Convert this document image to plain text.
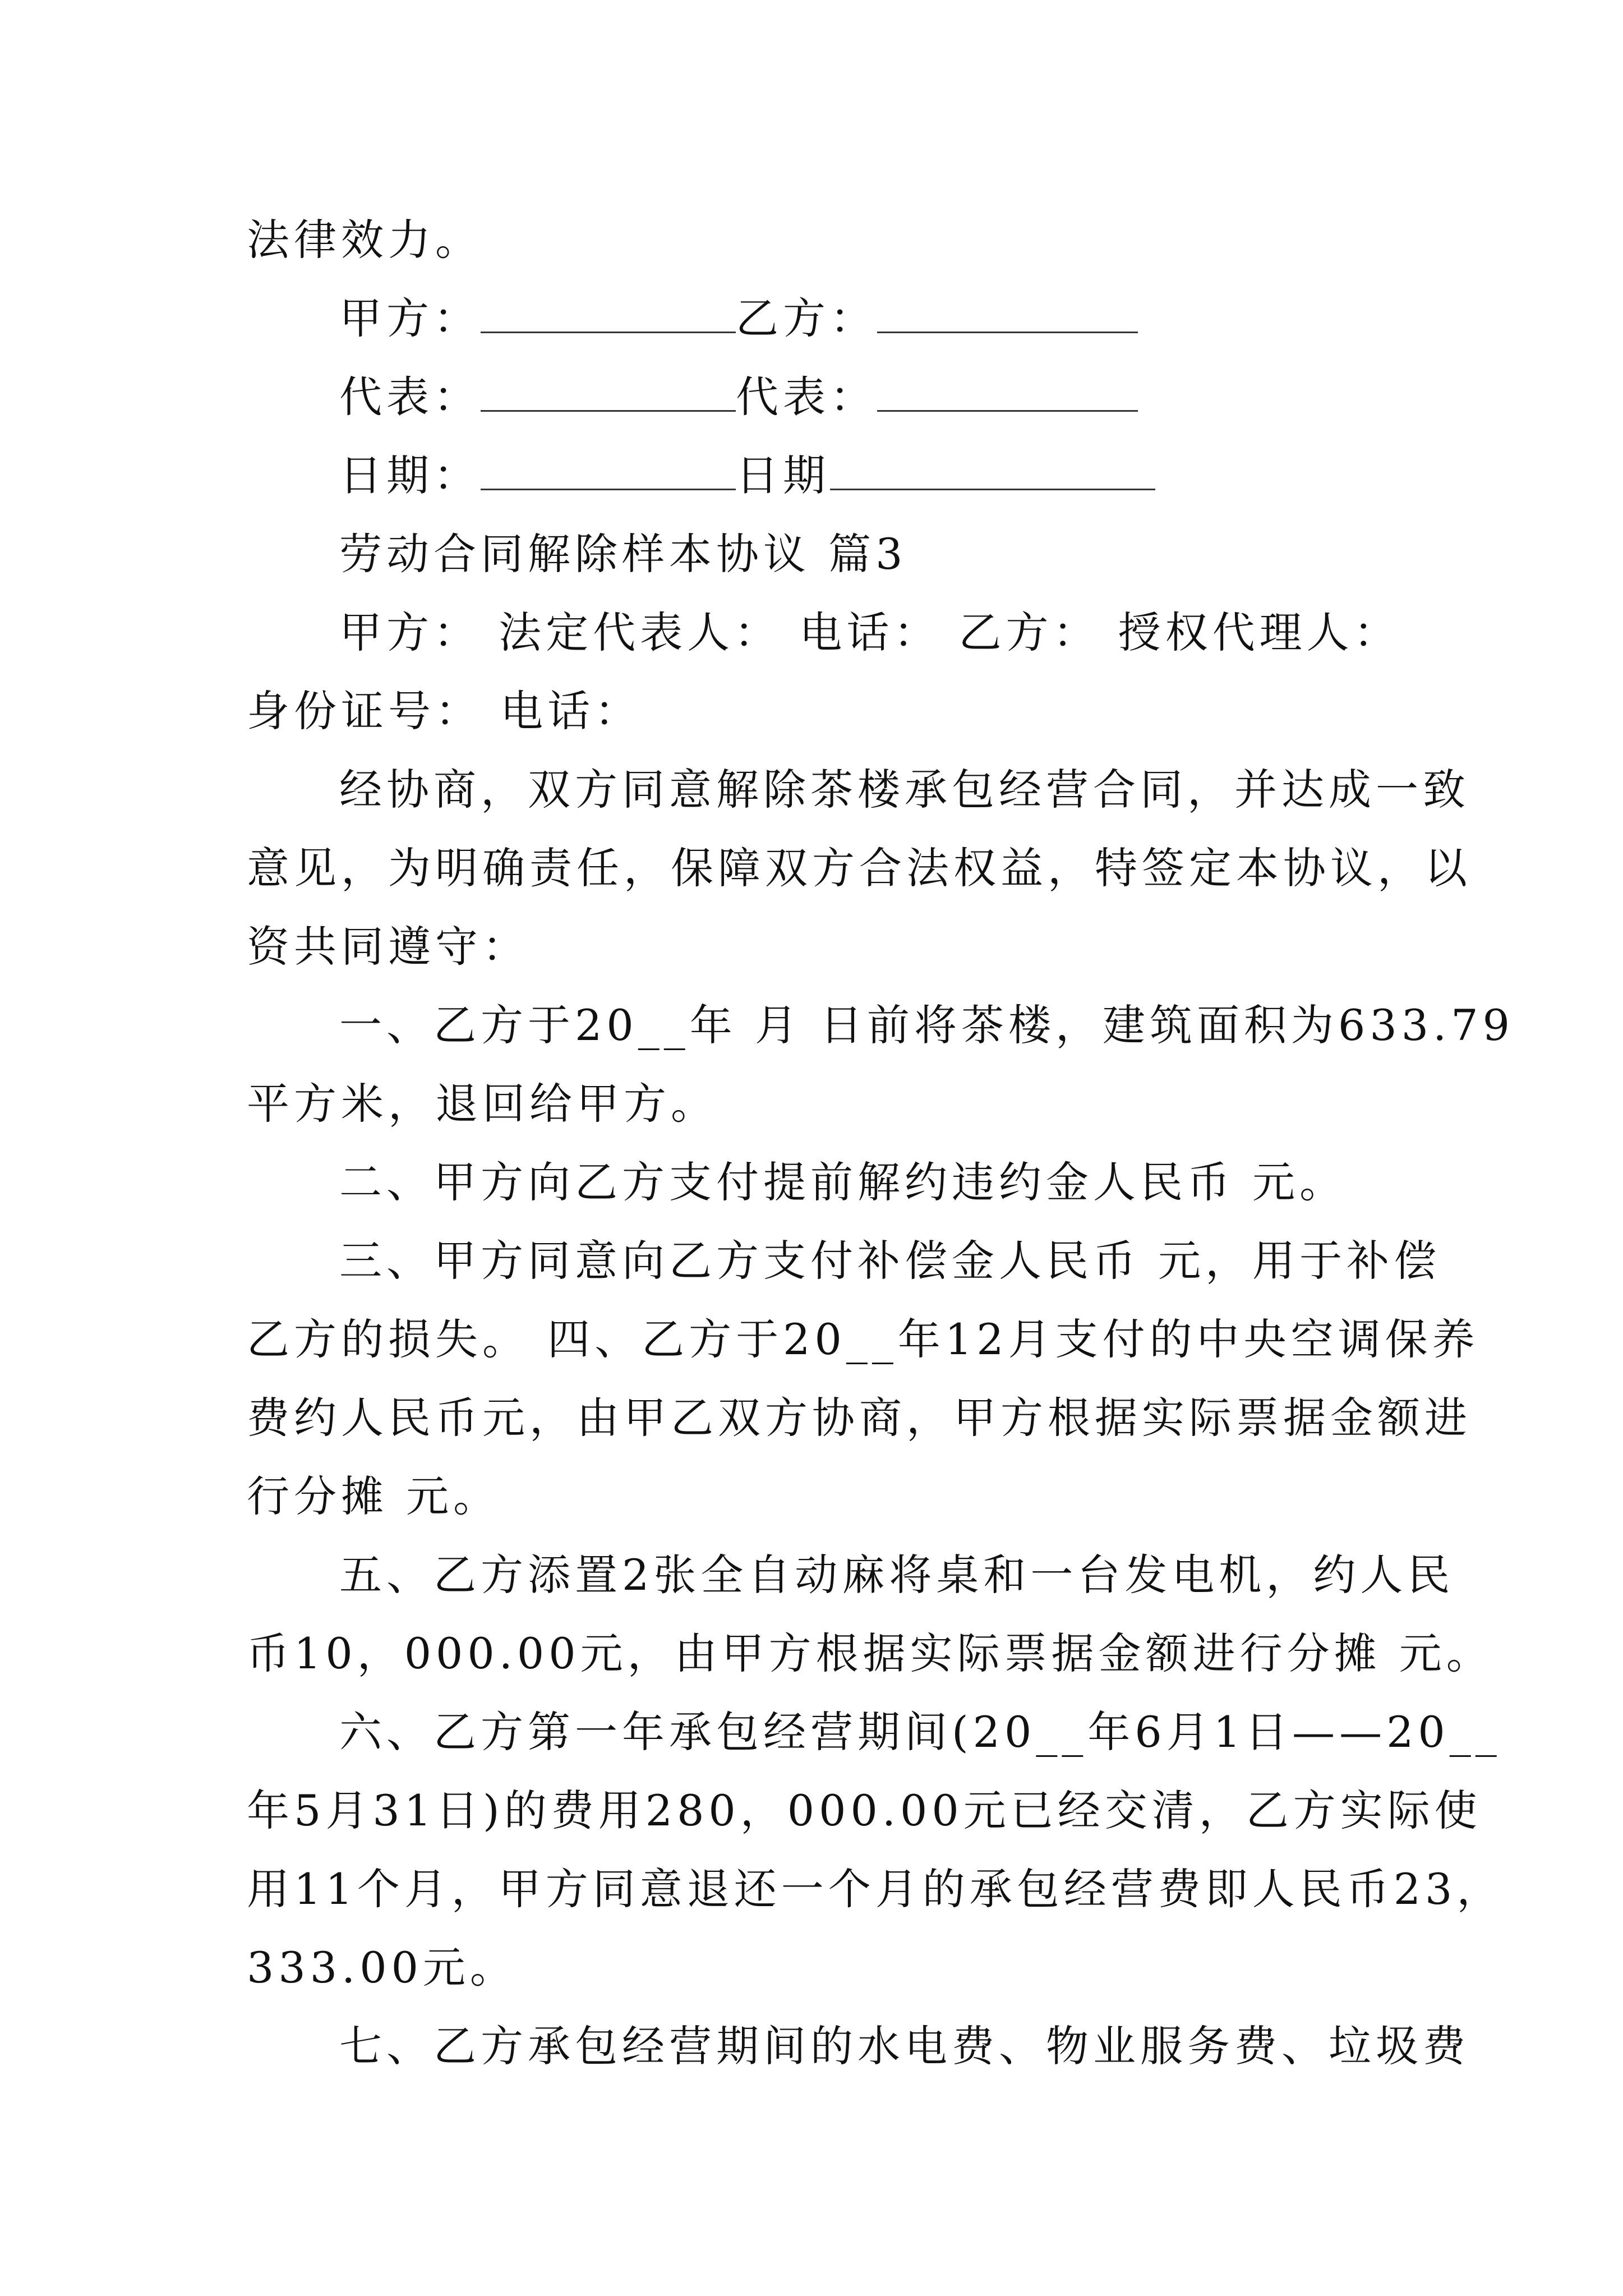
法律效力。
甲方：	乙方：
代表：	代表：
日期：	日期
劳动合同解除样本协议 篇3
甲方： 法定代表人： 电话： 乙方： 授权代理人：
身份证号： 电话：
经协商，双方同意解除茶楼承包经营合同，并达成一致
意见，为明确责任，保障双方合法权益，特签定本协议，以
资共同遵守：
一、乙方于20__年 月 日前将茶楼，建筑面积为633.79
平方米，退回给甲方。
二、甲方向乙方支付提前解约违约金人民币 元。
三、甲方同意向乙方支付补偿金人民币 元，用于补偿
乙方的损失。 四、乙方于20__年12月支付的中央空调保养
费约人民币元，由甲乙双方协商，甲方根据实际票据金额进
行分摊 元。
五、乙方添置2张全自动麻将桌和一台发电机，约人民
币10，000.00元，由甲方根据实际票据金额进行分摊 元。
六、乙方第一年承包经营期间(20__年6月1日——20__
年5月31日)的费用280，000.00元已经交清，乙方实际使
用11个月，甲方同意退还一个月的承包经营费即人民币23，
333.00元。
七、乙方承包经营期间的水电费、物业服务费、垃圾费
